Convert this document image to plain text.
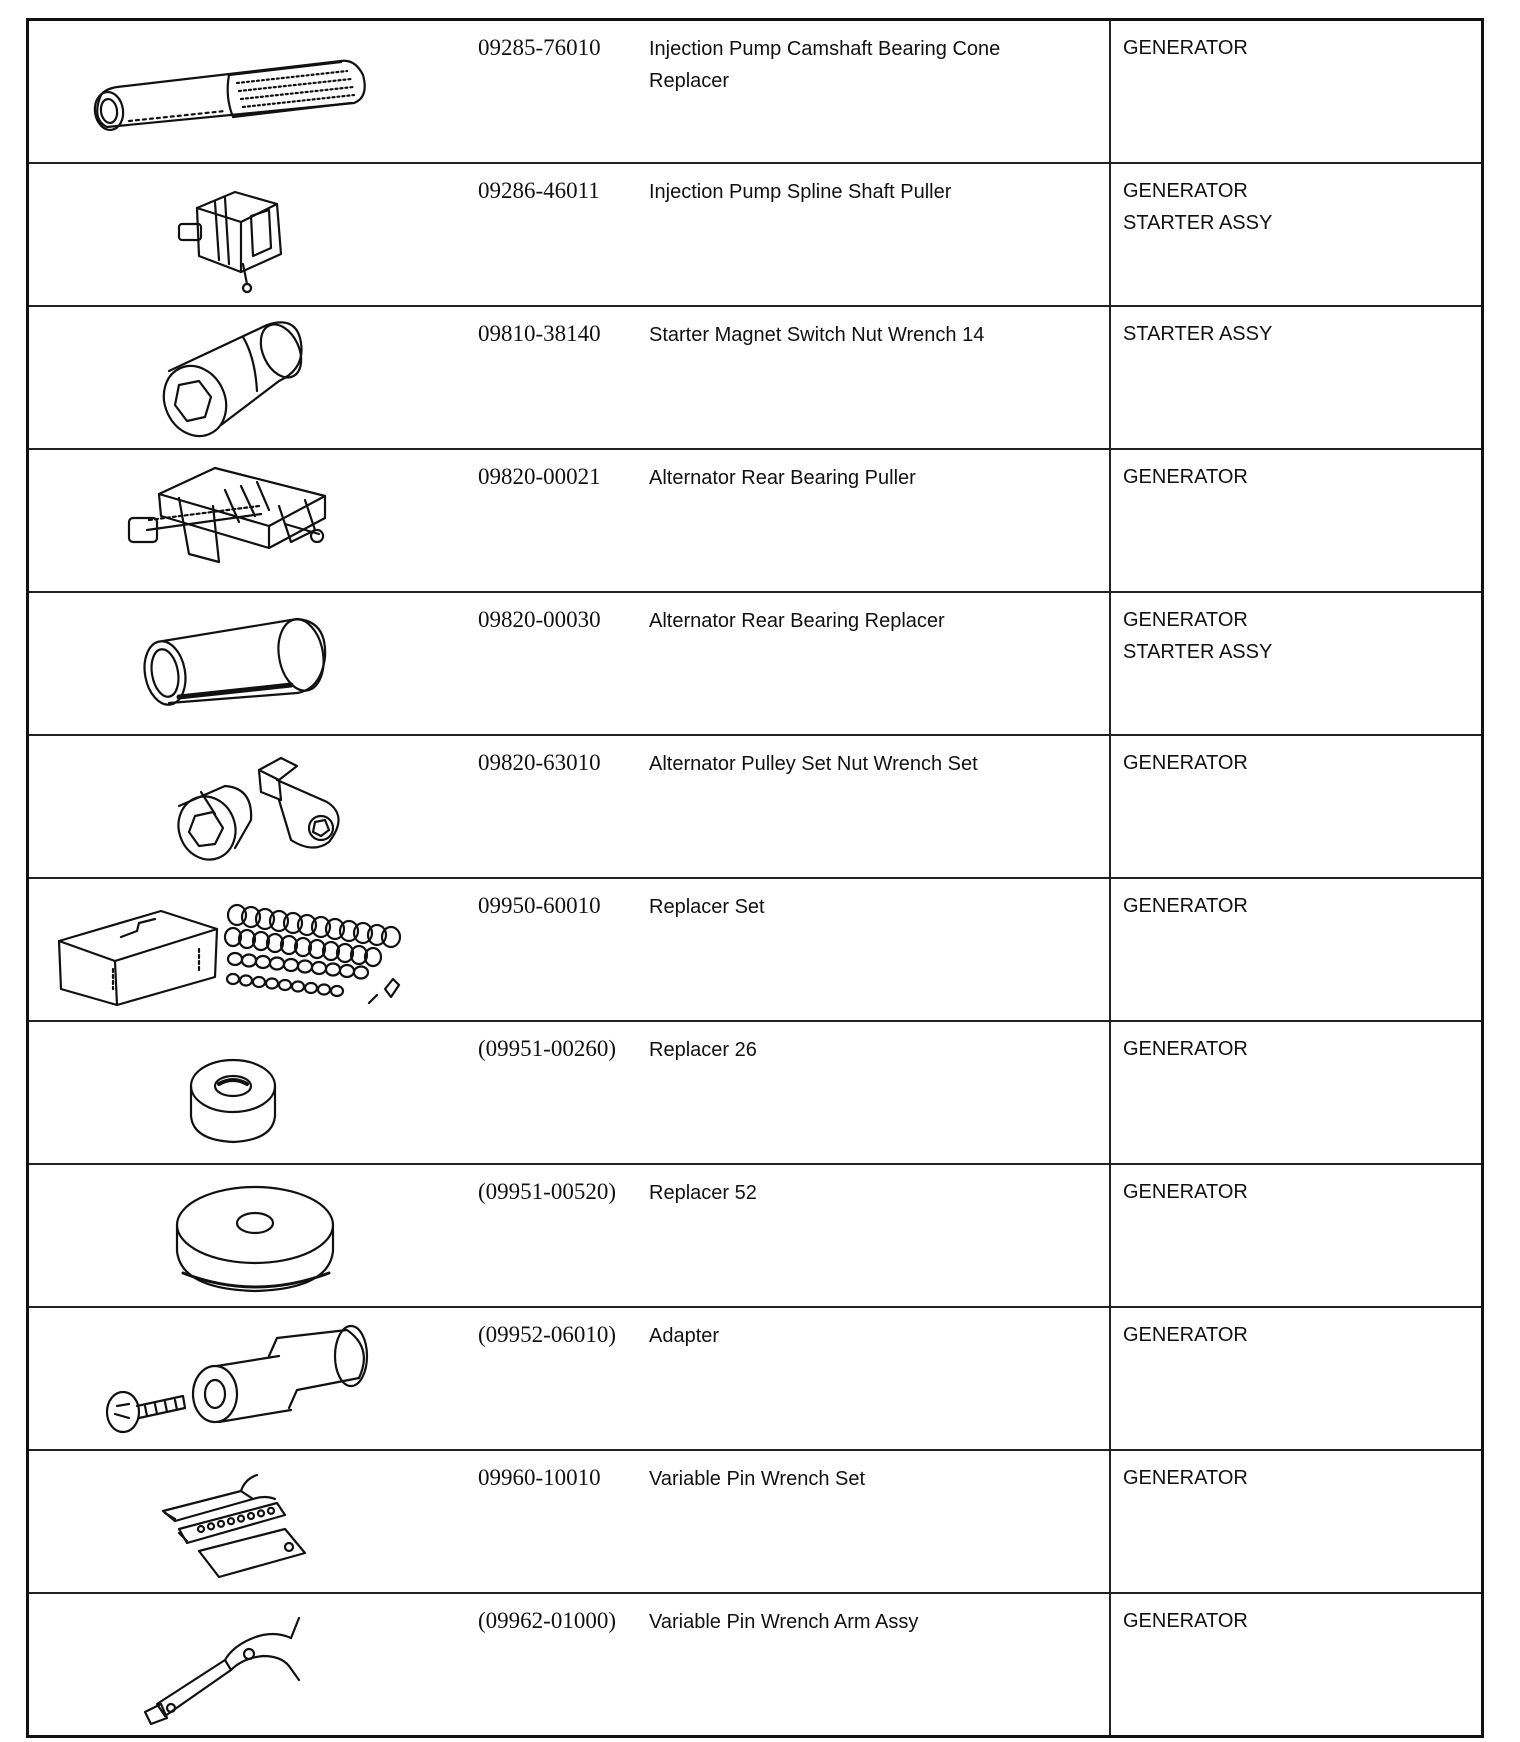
09285-76010	Injection Pump Camshaft Bearing Cone Replacer	GENERATOR

09286-46011	Injection Pump Spline Shaft Puller	GENERATOR
STARTER ASSY

09810-38140	Starter Magnet Switch Nut Wrench 14	STARTER ASSY

09820-00021	Alternator Rear Bearing Puller	GENERATOR

09820-00030	Alternator Rear Bearing Replacer	GENERATOR
STARTER ASSY

09820-63010	Alternator Pulley Set Nut Wrench Set	GENERATOR

09950-60010	Replacer Set	GENERATOR

(09951-00260)	Replacer 26	GENERATOR

(09951-00520)	Replacer 52	GENERATOR

(09952-06010)	Adapter	GENERATOR

09960-10010	Variable Pin Wrench Set	GENERATOR

(09962-01000)	Variable Pin Wrench Arm Assy	GENERATOR
